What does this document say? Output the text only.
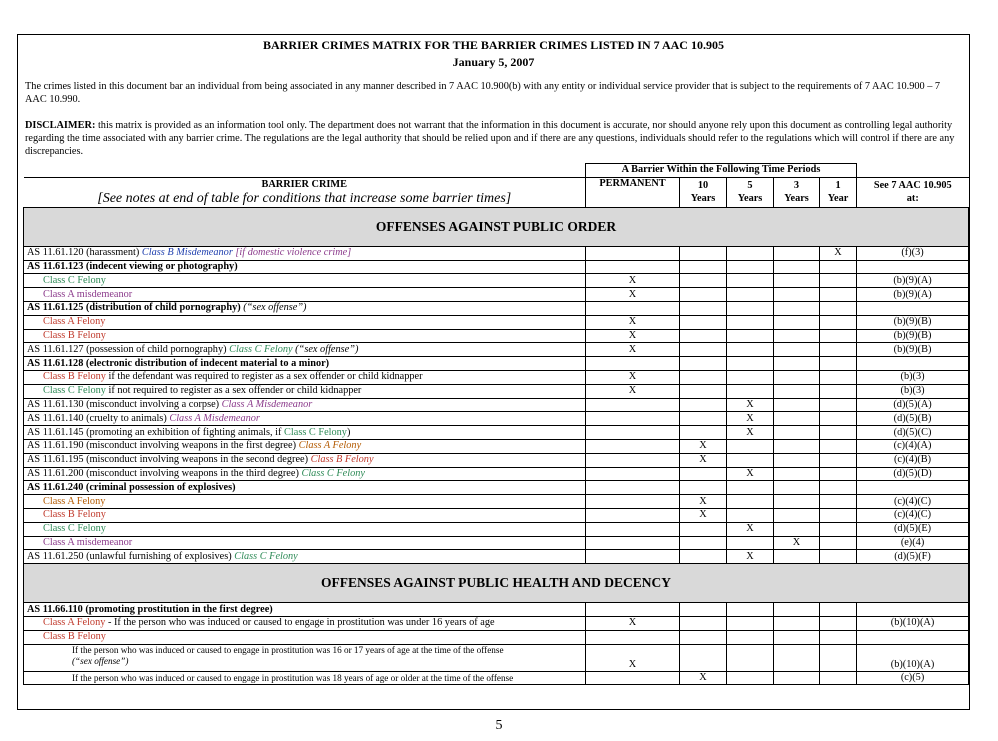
BARRIER CRIMES MATRIX FOR THE BARRIER CRIMES LISTED IN 7 AAC 10.905
January 5, 2007
The crimes listed in this document bar an individual from being associated in any manner described in 7 AAC 10.900(b) with any entity or individual service provider that is subject to the requirements of 7 AAC 10.900 – 7 AAC 10.990.
DISCLAIMER: this matrix is provided as an information tool only. The department does not warrant that the information in this document is accurate, nor should anyone rely upon this document as controlling legal authority regarding the time associated with any barrier crime. The regulations are the legal authority that should be relied upon and if there are any questions, individuals should refer to the regulations which will control if there are any discrepancies.
	A Barrier Within the Following Time Periods					
BARRIER CRIME
[See notes at end of table for conditions that increase some barrier times]	PERMANENT	10
Years	5
Years	3
Years	1
Year	See 7 AAC 10.905
at:
OFFENSES AGAINST PUBLIC ORDER						
AS 11.61.120 (harassment) Class B Misdemeanor [if domestic violence crime]					X	(f)(3)
AS 11.61.123 (indecent viewing or photography)						
Class C Felony	X					(b)(9)(A)
Class A misdemeanor	X					(b)(9)(A)
AS 11.61.125 (distribution of child pornography) (“sex offense”)						
Class A Felony	X					(b)(9)(B)
Class B Felony	X					(b)(9)(B)
AS 11.61.127 (possession of child pornography) Class C Felony (“sex offense”)	X					(b)(9)(B)
AS 11.61.128 (electronic distribution of indecent material to a minor)						
Class B Felony if the defendant was required to register as a sex offender or child kidnapper	X					(b)(3)
Class C Felony if not required to register as a sex offender or child kidnapper	X					(b)(3)
AS 11.61.130 (misconduct involving a corpse) Class A Misdemeanor			X			(d)(5)(A)
AS 11.61.140 (cruelty to animals) Class A Misdemeanor			X			(d)(5)(B)
AS 11.61.145 (promoting an exhibition of fighting animals, if Class C Felony)			X			(d)(5)(C)
AS 11.61.190 (misconduct involving weapons in the first degree) Class A Felony		X				(c)(4)(A)
AS 11.61.195 (misconduct involving weapons in the second degree) Class B Felony		X				(c)(4)(B)
AS 11.61.200 (misconduct involving weapons in the third degree) Class C Felony			X			(d)(5)(D)
AS 11.61.240 (criminal possession of explosives)						
Class A Felony		X				(c)(4)(C)
Class B Felony		X				(c)(4)(C)
Class C Felony			X			(d)(5)(E)
Class A misdemeanor				X		(e)(4)
AS 11.61.250 (unlawful furnishing of explosives) Class C Felony			X			(d)(5)(F)
OFFENSES AGAINST PUBLIC HEALTH AND DECENCY						
AS 11.66.110 (promoting prostitution in the first degree)						
Class A Felony - If the person who was induced or caused to engage in prostitution was under 16 years of age	X					(b)(10)(A)
Class B Felony						
If the person who was induced or caused to engage in prostitution was 16 or 17 years of age at the time of the offense
(“sex offense”)	X					(b)(10)(A)
If the person who was induced or caused to engage in prostitution was 18 years of age or older at the time of the offense		X				(c)(5)
5
